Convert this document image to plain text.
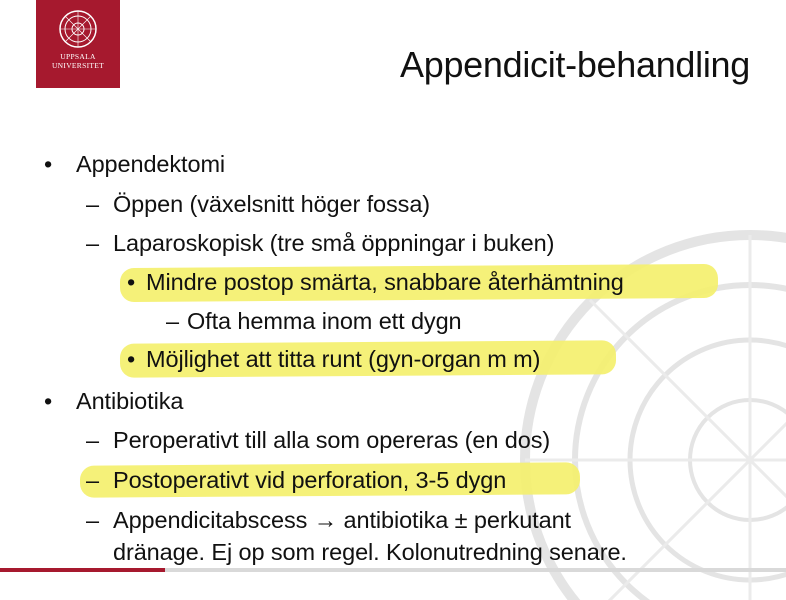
UPPSALA
UNIVERSITET	Appendicit-behandling
• Appendektomi
– Öppen (växelsnitt höger fossa)
– Laparoskopisk (tre små öppningar i buken)
• Mindre postop smärta, snabbare återhämtning
– Ofta hemma inom ett dygn
• Möjlighet att titta runt (gyn-organ m m)
• Antibiotika
– Peroperativt till alla som opereras (en dos)
– Postoperativt vid perforation, 3-5 dygn
– Appendicitabscess → antibiotika ± perkutant
dränage. Ej op som regel. Kolonutredning senare.
